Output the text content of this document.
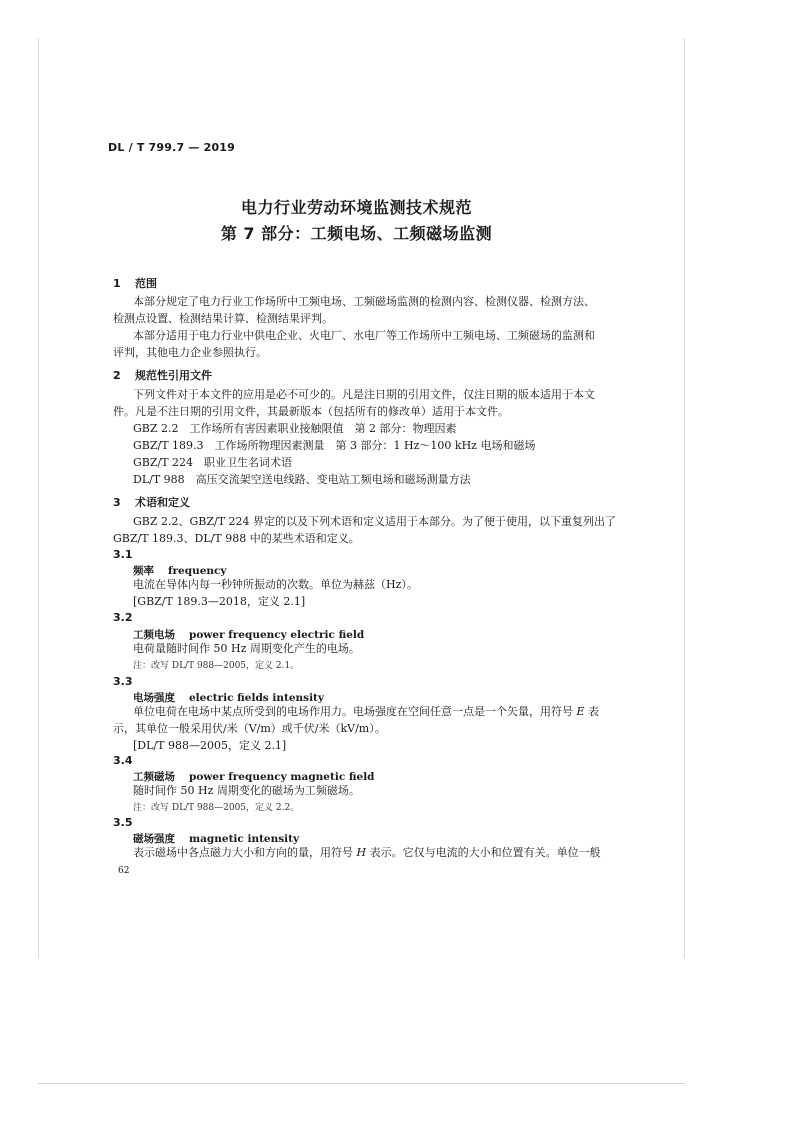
DL / T 799.7 — 2019
电力行业劳动环境监测技术规范
第 7 部分：工频电场、工频磁场监测
1 范围
本部分规定了电力行业工作场所中工频电场、工频磁场监测的检测内容、检测仪器、检测方法、
检测点设置、检测结果计算、检测结果评判。
本部分适用于电力行业中供电企业、火电厂、水电厂等工作场所中工频电场、工频磁场的监测和
评判，其他电力企业参照执行。
2 规范性引用文件
下列文件对于本文件的应用是必不可少的。凡是注日期的引用文件，仅注日期的版本适用于本文
件。凡是不注日期的引用文件，其最新版本（包括所有的修改单）适用于本文件。
GBZ 2.2　工作场所有害因素职业接触限值　第 2 部分：物理因素
GBZ/T 189.3　工作场所物理因素测量　第 3 部分：1 Hz～100 kHz 电场和磁场
GBZ/T 224　职业卫生名词术语
DL/T 988　高压交流架空送电线路、变电站工频电场和磁场测量方法
3 术语和定义
GBZ 2.2、GBZ/T 224 界定的以及下列术语和定义适用于本部分。为了便于使用，以下重复列出了
GBZ/T 189.3、DL/T 988 中的某些术语和定义。
3.1
频率 frequency
电流在导体内每一秒钟所振动的次数。单位为赫兹（Hz）。
[GBZ/T 189.3—2018，定义 2.1]
3.2
工频电场 power frequency electric field
电荷量随时间作 50 Hz 周期变化产生的电场。
注：改写 DL/T 988—2005，定义 2.1。
3.3
电场强度 electric fields intensity
单位电荷在电场中某点所受到的电场作用力。电场强度在空间任意一点是一个矢量，用符号 E 表
示，其单位一般采用伏/米（V/m）或千伏/米（kV/m）。
[DL/T 988—2005，定义 2.1]
3.4
工频磁场 power frequency magnetic field
随时间作 50 Hz 周期变化的磁场为工频磁场。
注：改写 DL/T 988—2005，定义 2.2。
3.5
磁场强度 magnetic intensity
表示磁场中各点磁力大小和方向的量，用符号 H 表示。它仅与电流的大小和位置有关。单位一般
62
